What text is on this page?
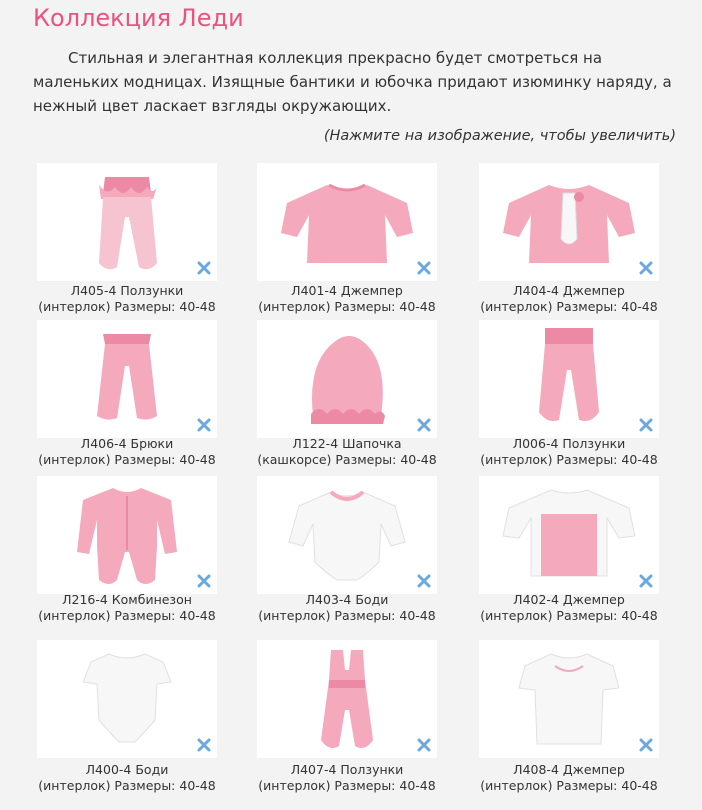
Коллекция Леди

Стильная и элегантная коллекция прекрасно будет смотреться на маленьких модницах. Изящные бантики и юбочка придают изюминку наряду, а нежный цвет ласкает взгляды окружающих.

(Нажмите на изображение, чтобы увеличить)
Л405-4 Ползунки
(интерлок) Размеры: 40-48
Л401-4 Джемпер
(интерлок) Размеры: 40-48
Л404-4 Джемпер
(интерлок) Размеры: 40-48
Л406-4 Брюки
(интерлок) Размеры: 40-48
Л122-4 Шапочка
(кашкорсе) Размеры: 40-48
Л006-4 Ползунки
(интерлок) Размеры: 40-48
Л216-4 Комбинезон
(интерлок) Размеры: 40-48
Л403-4 Боди
(интерлок) Размеры: 40-48
Л402-4 Джемпер
(интерлок) Размеры: 40-48
Л400-4 Боди
(интерлок) Размеры: 40-48
Л407-4 Ползунки
(интерлок) Размеры: 40-48
Л408-4 Джемпер
(интерлок) Размеры: 40-48
